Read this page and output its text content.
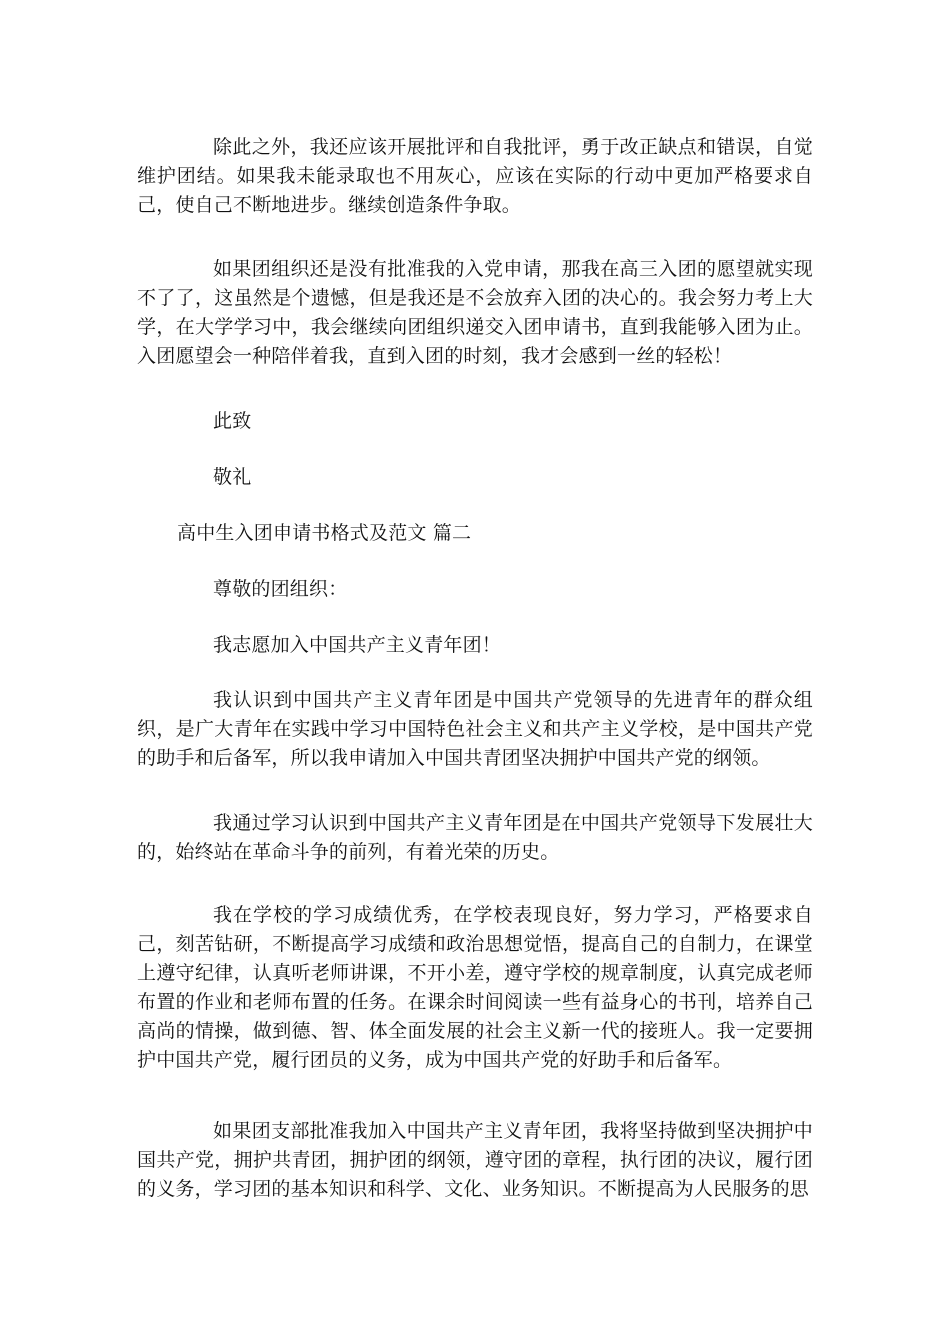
除此之外，我还应该开展批评和自我批评，勇于改正缺点和错误，自觉维护团结。如果我未能录取也不用灰心，应该在实际的行动中更加严格要求自己，使自己不断地进步。继续创造条件争取。

如果团组织还是没有批准我的入党申请，那我在高三入团的愿望就实现不了了，这虽然是个遗憾，但是我还是不会放弃入团的决心的。我会努力考上大学，在大学学习中，我会继续向团组织递交入团申请书，直到我能够入团为止。入团愿望会一种陪伴着我，直到入团的时刻，我才会感到一丝的轻松！

此致

敬礼

高中生入团申请书格式及范文 篇二

尊敬的团组织：

我志愿加入中国共产主义青年团！

我认识到中国共产主义青年团是中国共产党领导的先进青年的群众组织，是广大青年在实践中学习中国特色社会主义和共产主义学校，是中国共产党的助手和后备军，所以我申请加入中国共青团坚决拥护中国共产党的纲领。

我通过学习认识到中国共产主义青年团是在中国共产党领导下发展壮大的，始终站在革命斗争的前列，有着光荣的历史。

我在学校的学习成绩优秀，在学校表现良好，努力学习，严格要求自己，刻苦钻研，不断提高学习成绩和政治思想觉悟，提高自己的自制力，在课堂上遵守纪律，认真听老师讲课，不开小差，遵守学校的规章制度，认真完成老师布置的作业和老师布置的任务。在课余时间阅读一些有益身心的书刊，培养自己高尚的情操，做到德、智、体全面发展的社会主义新一代的接班人。我一定要拥护中国共产党，履行团员的义务，成为中国共产党的好助手和后备军。

如果团支部批准我加入中国共产主义青年团，我将坚持做到坚决拥护中国共产党，拥护共青团，拥护团的纲领，遵守团的章程，执行团的决议，履行团的义务，学习团的基本知识和科学、文化、业务知识。不断提高为人民服务的思
